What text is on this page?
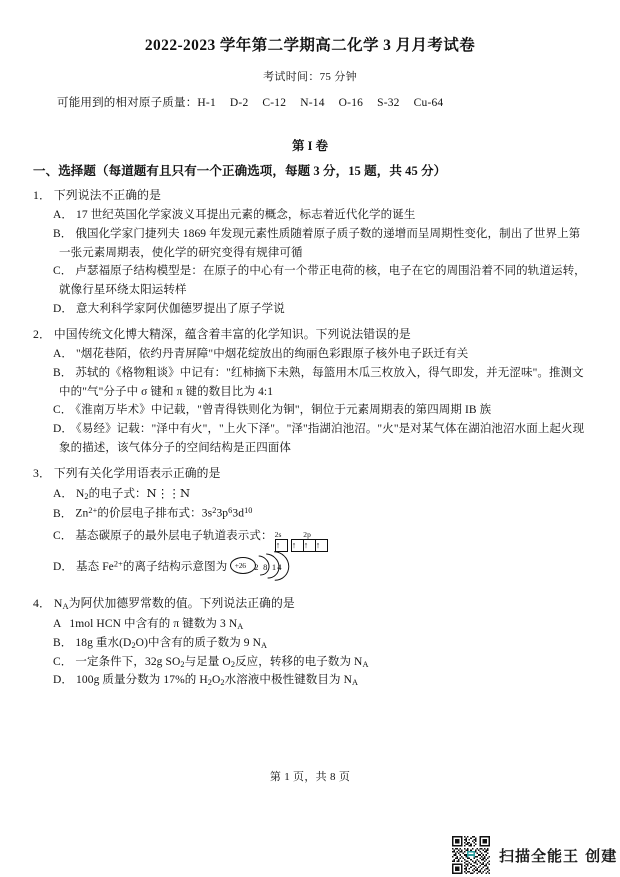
2022-2023 学年第二学期高二化学 3 月月考试卷
考试时间：75 分钟
可能用到的相对原子质量：H-1 D-2 C-12 N-14 O-16 S-32 Cu-64
第 I 卷
一、选择题（每道题有且只有一个正确选项，每题 3 分，15 题，共 45 分）
1． 下列说法不正确的是
A． 17 世纪英国化学家波义耳提出元素的概念，标志着近代化学的诞生
B． 俄国化学家门捷列夫 1869 年发现元素性质随着原子质子数的递增而呈周期性变化，制出了世界上第一张元素周期表，使化学的研究变得有规律可循
C． 卢瑟福原子结构模型是：在原子的中心有一个带正电荷的核，电子在它的周围沿着不同的轨道运转，就像行星环绕太阳运转样
D． 意大利科学家阿伏伽德罗提出了原子学说
2． 中国传统文化博大精深，蕴含着丰富的化学知识。下列说法错误的是
A． "烟花巷陌，依约丹青屏障"中烟花绽放出的绚丽色彩跟原子核外电子跃迁有关
B． 苏轼的《格物粗谈》中记有："红柿摘下未熟，每篮用木瓜三枚放入，得气即发，并无涩味"。推测文中的"气"分子中 σ 键和 π 键的数目比为 4:1
C． 《淮南万毕术》中记载，"曾青得铁则化为铜"，铜位于元素周期表的第四周期 IB 族
D． 《易经》记载："泽中有火"，"上火下泽"。"泽"指湖泊池沼。"火"是对某气体在湖泊池沼水面上起火现象的描述，该气体分子的空间结构是正四面体
3． 下列有关化学用语表示正确的是
A． $N_2$的电子式：N⋮⋮N
B． $Zn^{2+}$的价层电子排布式：$3s^23p^63d^{10}$
C． 基态碳原子的最外层电子轨道表示式： 2s	2p
↑	↑ ↑ ↑
D． 基态 $Fe^{2+}$的离子结构示意图为 +26 2 8 14
4． $N_A$为阿伏加德罗常数的值。下列说法正确的是
A 1mol HCN 中含有的 π 键数为 3 $N_A$
B． 18g 重水$(D_2O)$中含有的质子数为 9 $N_A$
C． 一定条件下，32g $SO_2$与足量 $O_2$反应，转移的电子数为 $N_A$
D． 100g 质量分数为 17%的 $H_2O_2$水溶液中极性键数目为 $N_A$
第 1 页，共 8 页
扫描全能王 创建
